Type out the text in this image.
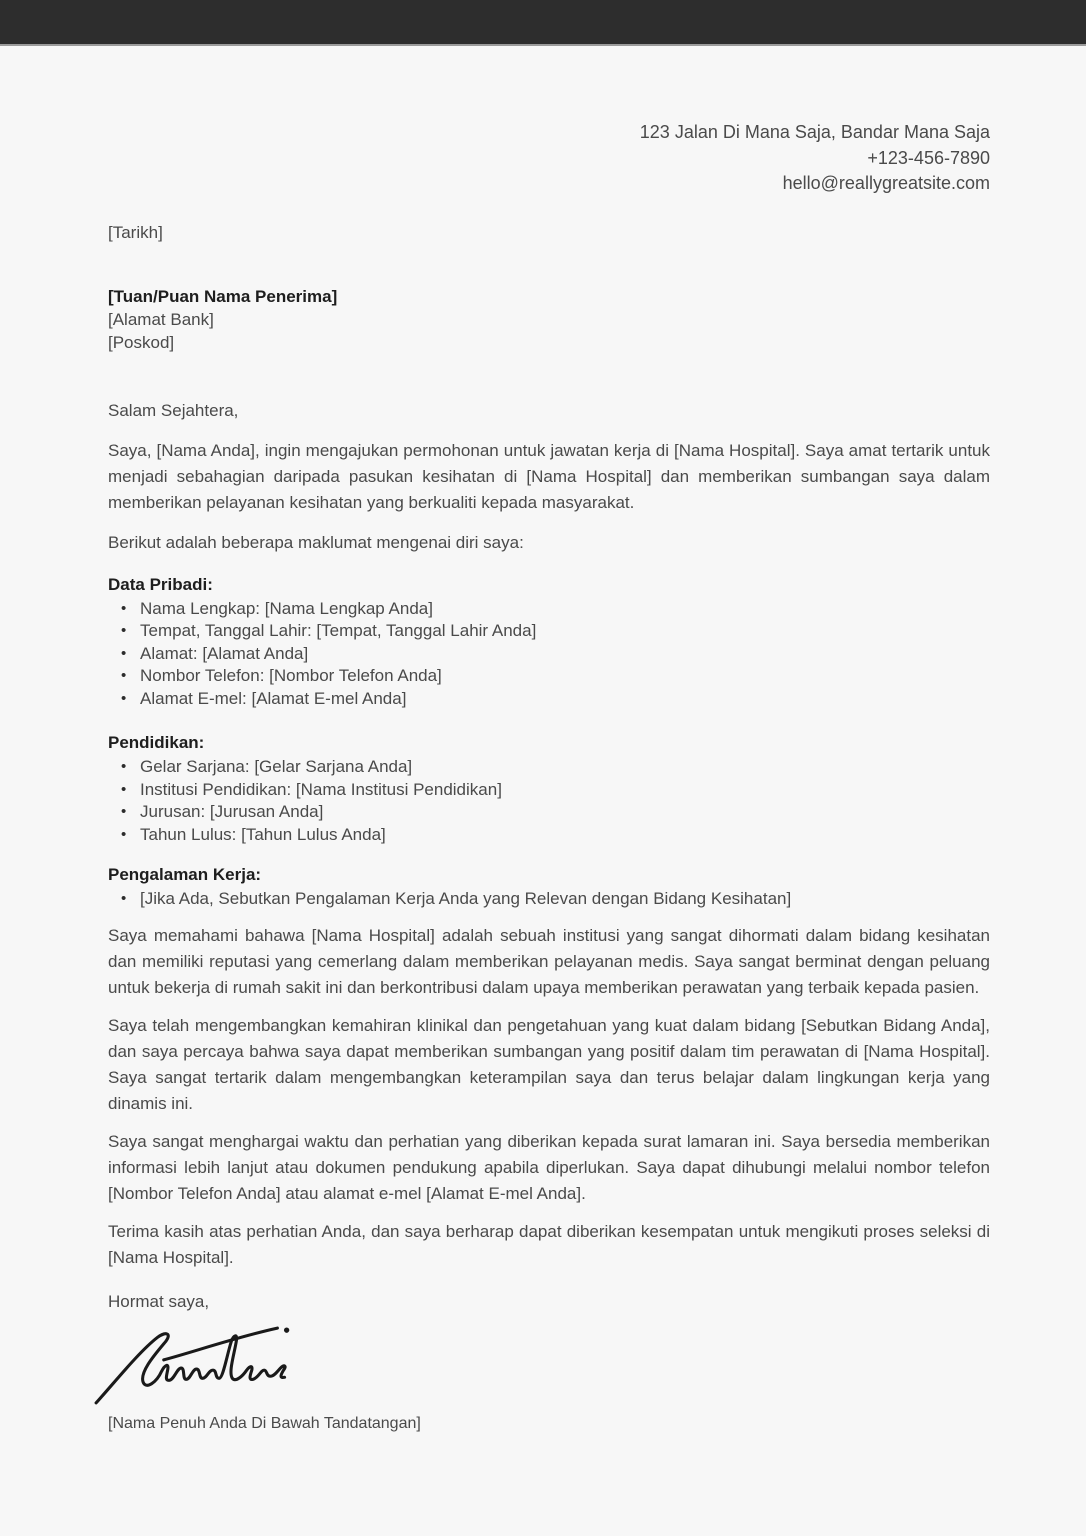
123 Jalan Di Mana Saja, Bandar Mana Saja
+123-456-7890
hello@reallygreatsite.com
[Tarikh]
[Tuan/Puan Nama Penerima]
[Alamat Bank]
[Poskod]
Salam Sejahtera,

Saya, [Nama Anda], ingin mengajukan permohonan untuk jawatan kerja di [Nama Hospital]. Saya amat tertarik untuk menjadi sebahagian daripada pasukan kesihatan di [Nama Hospital] dan memberikan sumbangan saya dalam memberikan pelayanan kesihatan yang berkualiti kepada masyarakat.

Berikut adalah beberapa maklumat mengenai diri saya:
Data Pribadi:
• Nama Lengkap: [Nama Lengkap Anda]
• Tempat, Tanggal Lahir: [Tempat, Tanggal Lahir Anda]
• Alamat: [Alamat Anda]
• Nombor Telefon: [Nombor Telefon Anda]
• Alamat E-mel: [Alamat E-mel Anda]
Pendidikan:
• Gelar Sarjana: [Gelar Sarjana Anda]
• Institusi Pendidikan: [Nama Institusi Pendidikan]
• Jurusan: [Jurusan Anda]
• Tahun Lulus: [Tahun Lulus Anda]
Pengalaman Kerja:
• [Jika Ada, Sebutkan Pengalaman Kerja Anda yang Relevan dengan Bidang Kesihatan]

Saya memahami bahawa [Nama Hospital] adalah sebuah institusi yang sangat dihormati dalam bidang kesihatan dan memiliki reputasi yang cemerlang dalam memberikan pelayanan medis. Saya sangat berminat dengan peluang untuk bekerja di rumah sakit ini dan berkontribusi dalam upaya memberikan perawatan yang terbaik kepada pasien.

Saya telah mengembangkan kemahiran klinikal dan pengetahuan yang kuat dalam bidang [Sebutkan Bidang Anda], dan saya percaya bahwa saya dapat memberikan sumbangan yang positif dalam tim perawatan di [Nama Hospital]. Saya sangat tertarik dalam mengembangkan keterampilan saya dan terus belajar dalam lingkungan kerja yang dinamis ini.

Saya sangat menghargai waktu dan perhatian yang diberikan kepada surat lamaran ini. Saya bersedia memberikan informasi lebih lanjut atau dokumen pendukung apabila diperlukan. Saya dapat dihubungi melalui nombor telefon [Nombor Telefon Anda] atau alamat e-mel [Alamat E-mel Anda].

Terima kasih atas perhatian Anda, dan saya berharap dapat diberikan kesempatan untuk mengikuti proses seleksi di [Nama Hospital].

Hormat saya,
[Nama Penuh Anda Di Bawah Tandatangan]
